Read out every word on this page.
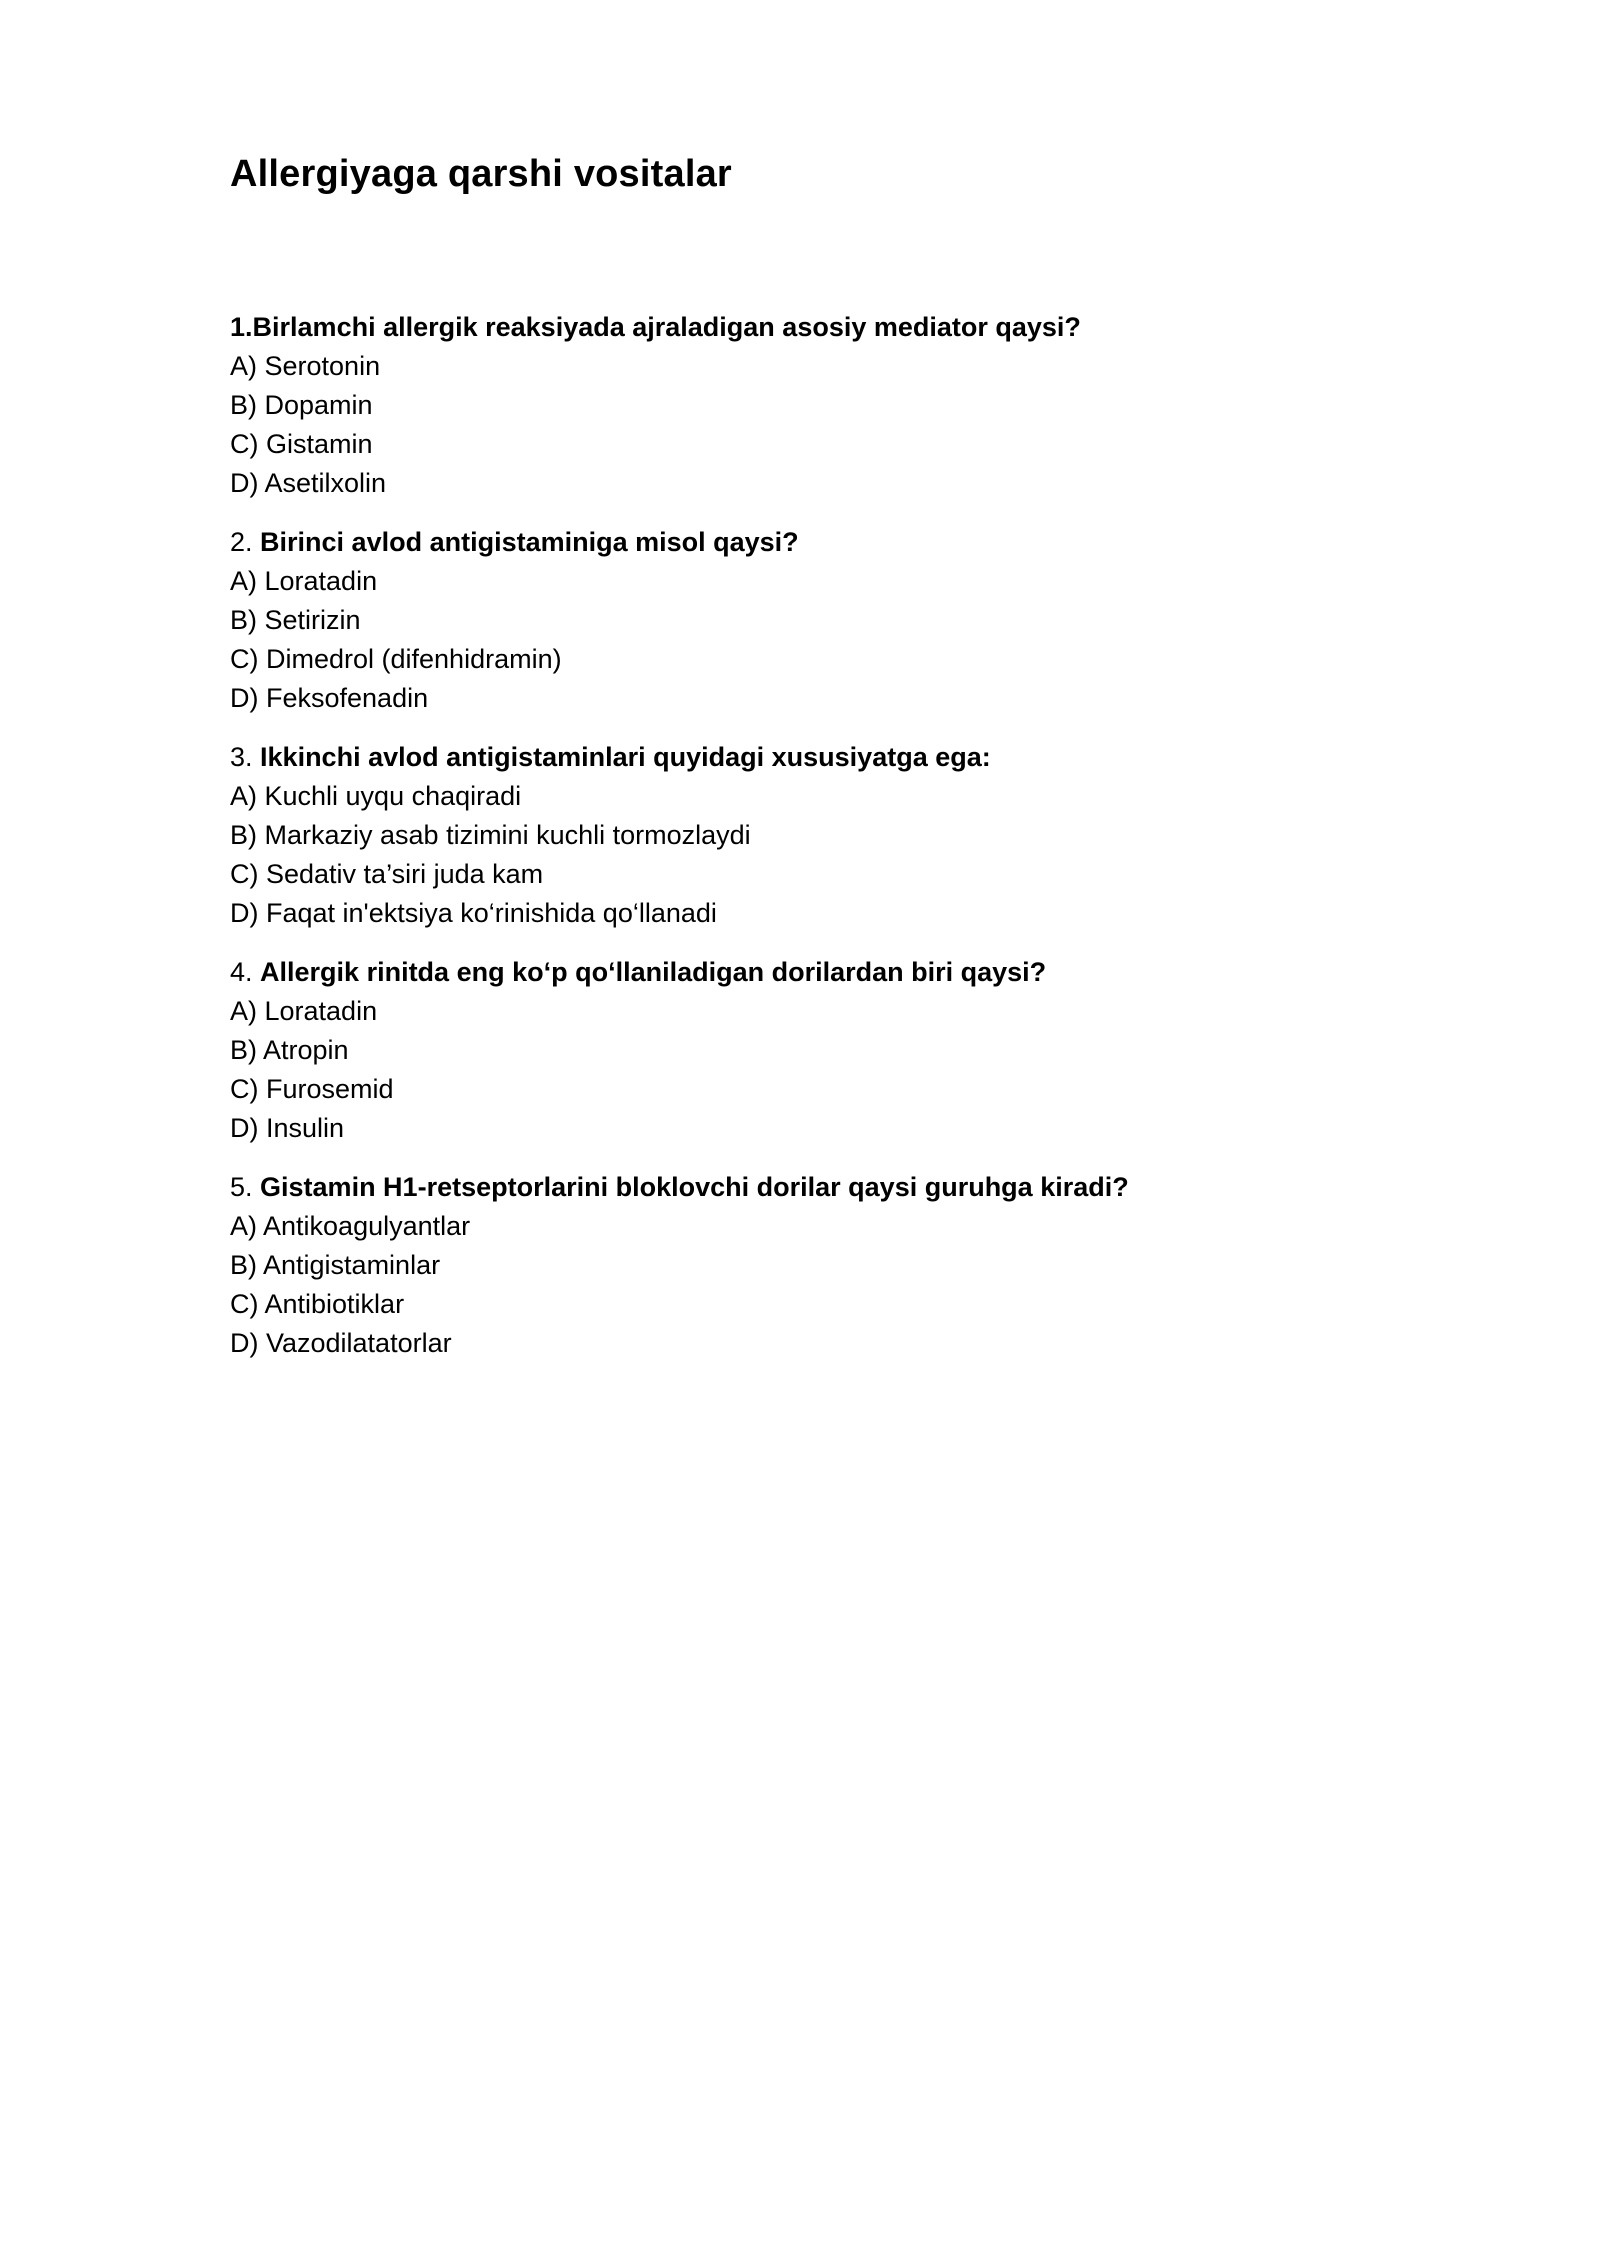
Allergiyaga qarshi vositalar

1.Birlamchi allergik reaksiyada ajraladigan asosiy mediator qaysi?

A) Serotonin
B) Dopamin
C) Gistamin
D) Asetilxolin

2. Birinci avlod antigistaminiga misol qaysi?

A) Loratadin
B) Setirizin
C) Dimedrol (difenhidramin)
D) Feksofenadin

3. Ikkinchi avlod antigistaminlari quyidagi xususiyatga ega:

A) Kuchli uyqu chaqiradi
B) Markaziy asab tizimini kuchli tormozlaydi
C) Sedativ ta’siri juda kam
D) Faqat in'ektsiya ko‘rinishida qo‘llanadi

4. Allergik rinitda eng ko‘p qo‘llaniladigan dorilardan biri qaysi?

A) Loratadin
B) Atropin
C) Furosemid
D) Insulin

5. Gistamin H1-retseptorlarini bloklovchi dorilar qaysi guruhga kiradi?

A) Antikoagulyantlar
B) Antigistaminlar
C) Antibiotiklar
D) Vazodilatatorlar
